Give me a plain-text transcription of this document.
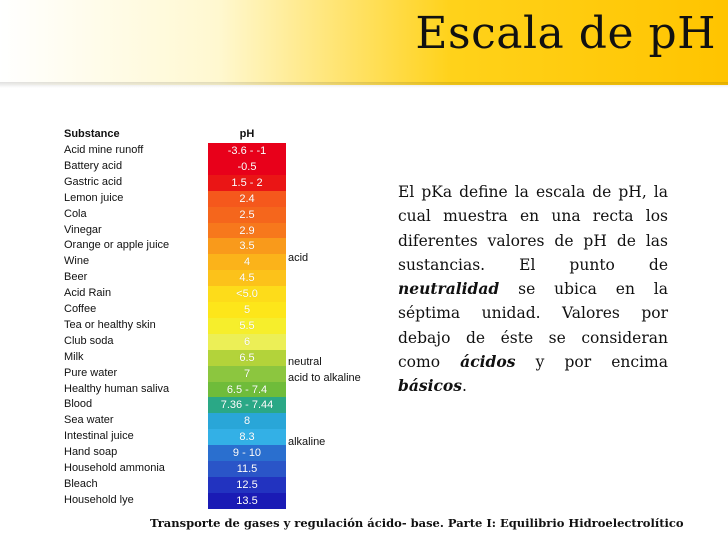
Escala de pH
Substance	pH
acid
neutral
acid to alkaline
alkaline
Acid mine runoff	-3.6 - -1
Battery acid	-0.5
Gastric acid	1.5 - 2
Lemon juice	2.4
Cola	2.5
Vinegar	2.9
Orange or apple juice	3.5
Wine	4
Beer	4.5
Acid Rain	<5.0
Coffee	5
Tea or healthy skin	5.5
Club soda	6
Milk	6.5
Pure water	7
Healthy human saliva	6.5 - 7.4
Blood	7.36 - 7.44
Sea water	8
Intestinal juice	8.3
Hand soap	9 - 10
Household ammonia	11.5
Bleach	12.5
Household lye	13.5
El pKa define la escala de pH, la cual muestra en una recta los diferentes valores de pH de las sustancias. El punto de neutralidad se ubica en la séptima unidad. Valores por debajo de éste se consideran como ácidos y por encima básicos.
Transporte de gases y regulación ácido- base. Parte I: Equilibrio Hidroelectrolítico
